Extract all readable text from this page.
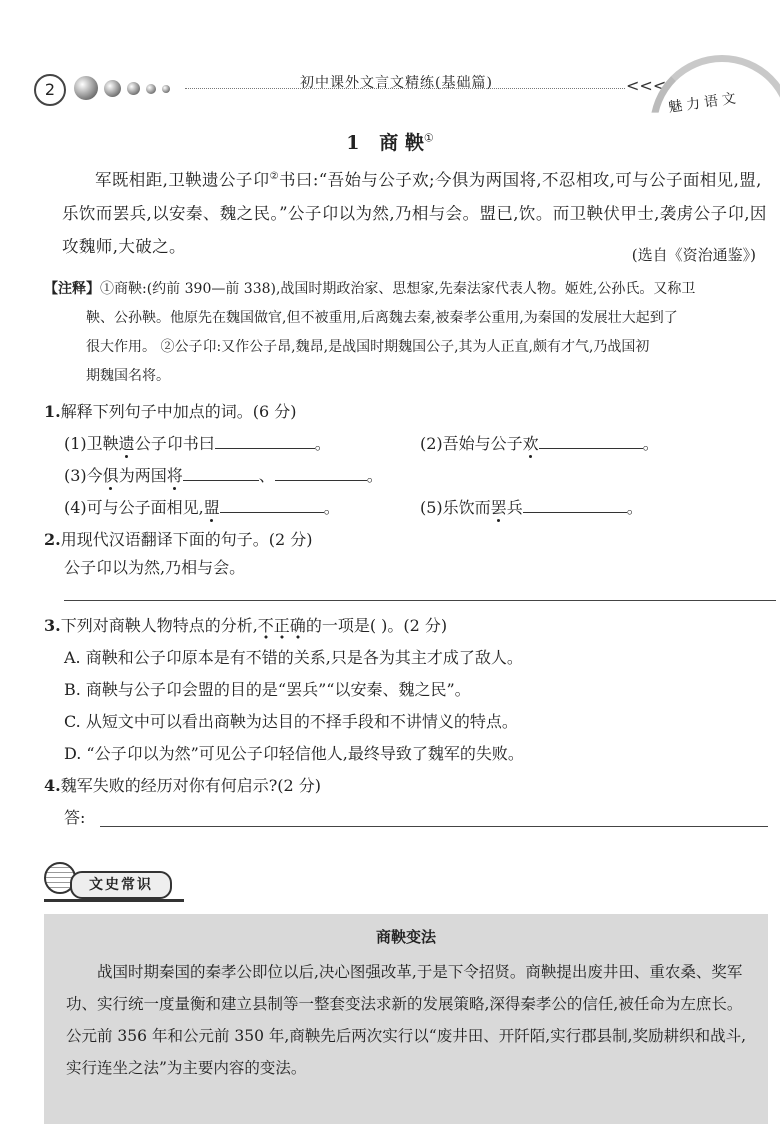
2	初中课外文言文精练(基础篇)	<<<
魅力语文
1 商 鞅①
军既相距,卫鞅遗公子卬②书曰:“吾始与公子欢;今俱为两国将,不忍相攻,可与公子面相见,盟,乐饮而罢兵,以安秦、魏之民。”公子卬以为然,乃相与会。盟已,饮。而卫鞅伏甲士,袭虏公子卬,因攻魏师,大破之。	(选自《资治通鉴》)
【注释】①商鞅:(约前 390—前 338),战国时期政治家、思想家,先秦法家代表人物。姬姓,公孙氏。又称卫
鞅、公孙鞅。他原先在魏国做官,但不被重用,后离魏去秦,被秦孝公重用,为秦国的发展壮大起到了
很大作用。 ②公子卬:又作公子昂,魏昂,是战国时期魏国公子,其为人正直,颇有才气,乃战国初
期魏国名将。
1.解释下列句子中加点的词。(6 分)
(1)卫鞅遗公子卬书曰	。	(2)吾始与公子欢	。
(3)今俱为两国将	、	。
(4)可与公子面相见,盟	。	(5)乐饮而罢兵	。
2.用现代汉语翻译下面的句子。(2 分)
公子卬以为然,乃相与会。
3.下列对商鞅人物特点的分析,不正确的一项是( )。(2 分)
A. 商鞅和公子卬原本是有不错的关系,只是各为其主才成了敌人。
B. 商鞅与公子卬会盟的目的是“罢兵”“以安秦、魏之民”。
C. 从短文中可以看出商鞅为达目的不择手段和不讲情义的特点。
D. “公子卬以为然”可见公子卬轻信他人,最终导致了魏军的失败。
4.魏军失败的经历对你有何启示?(2 分)
答:
文史常识
商鞅变法
战国时期秦国的秦孝公即位以后,决心图强改革,于是下令招贤。商鞅提出废井田、重农桑、奖军功、实行统一度量衡和建立县制等一整套变法求新的发展策略,深得秦孝公的信任,被任命为左庶长。公元前 356 年和公元前 350 年,商鞅先后两次实行以“废井田、开阡陌,实行郡县制,奖励耕织和战斗,实行连坐之法”为主要内容的变法。
